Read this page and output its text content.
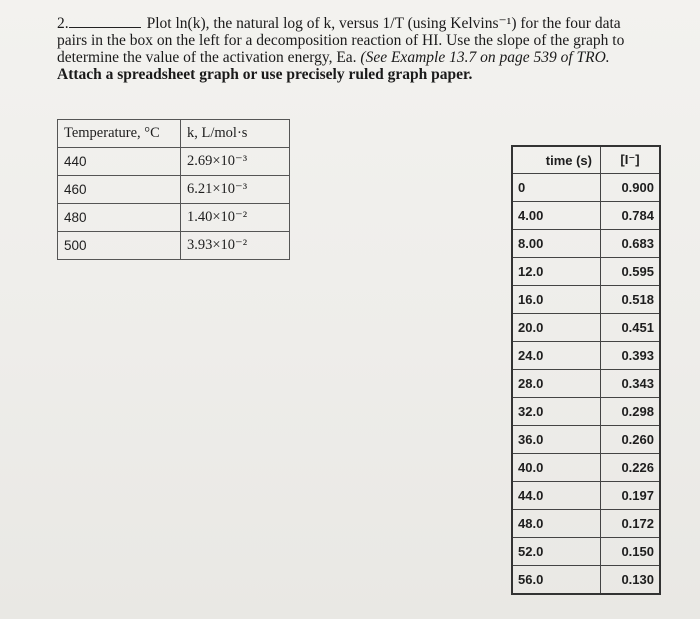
2.	Plot ln(k), the natural log of k, versus 1/T (using Kelvins⁻¹) for the four data
pairs in the box on the left for a decomposition reaction of HI. Use the slope of the graph to
determine the value of the activation energy, Ea. (See Example 13.7 on page 539 of TRO.
Attach a spreadsheet graph or use precisely ruled graph paper.
Temperature, °C	k, L/mol·s
440	2.69×10⁻³
460	6.21×10⁻³
480	1.40×10⁻²
500	3.93×10⁻²
time (s)	[I⁻]
0	0.900
4.00	0.784
8.00	0.683
12.0	0.595
16.0	0.518
20.0	0.451
24.0	0.393
28.0	0.343
32.0	0.298
36.0	0.260
40.0	0.226
44.0	0.197
48.0	0.172
52.0	0.150
56.0	0.130
